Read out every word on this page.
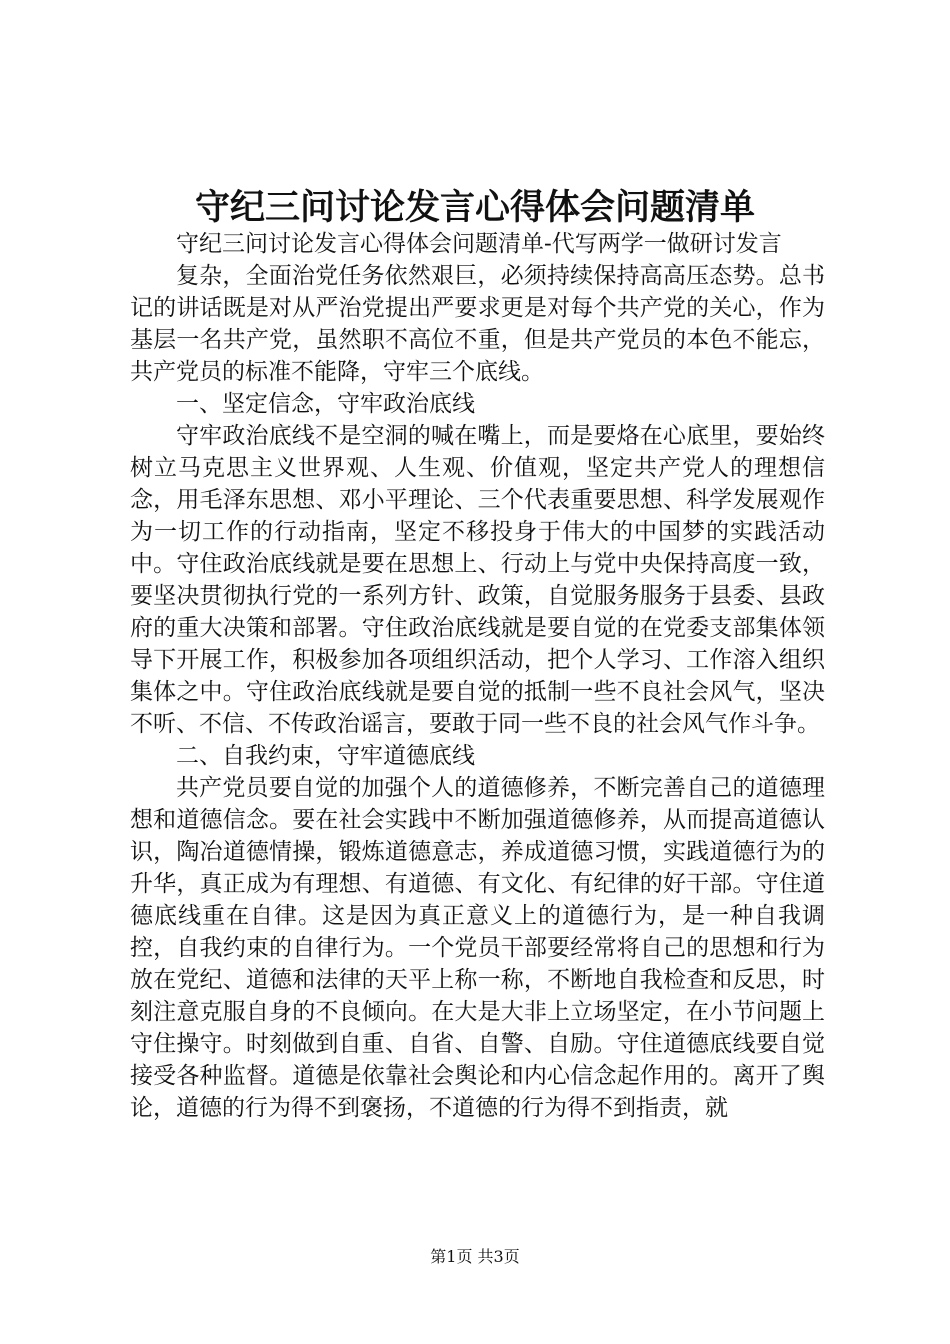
守纪三问讨论发言心得体会问题清单

守纪三问讨论发言心得体会问题清单-代写两学一做研讨发言

复杂，全面治党任务依然艰巨，必须持续保持高高压态势。总书记的讲话既是对从严治党提出严要求更是对每个共产党的关心，作为基层一名共产党，虽然职不高位不重，但是共产党员的本色不能忘，共产党员的标准不能降，守牢三个底线。

一、坚定信念，守牢政治底线

守牢政治底线不是空洞的喊在嘴上，而是要烙在心底里，要始终树立马克思主义世界观、人生观、价值观，坚定共产党人的理想信念，用毛泽东思想、邓小平理论、三个代表重要思想、科学发展观作为一切工作的行动指南，坚定不移投身于伟大的中国梦的实践活动中。守住政治底线就是要在思想上、行动上与党中央保持高度一致，要坚决贯彻执行党的一系列方针、政策，自觉服务服务于县委、县政府的重大决策和部署。守住政治底线就是要自觉的在党委支部集体领导下开展工作，积极参加各项组织活动，把个人学习、工作溶入组织集体之中。守住政治底线就是要自觉的抵制一些不良社会风气，坚决不听、不信、不传政治谣言，要敢于同一些不良的社会风气作斗争。

二、自我约束，守牢道德底线

共产党员要自觉的加强个人的道德修养，不断完善自己的道德理想和道德信念。要在社会实践中不断加强道德修养，从而提高道德认识，陶冶道德情操，锻炼道德意志，养成道德习惯，实践道德行为的升华，真正成为有理想、有道德、有文化、有纪律的好干部。守住道德底线重在自律。这是因为真正意义上的道德行为，是一种自我调控，自我约束的自律行为。一个党员干部要经常将自己的思想和行为放在党纪、道德和法律的天平上称一称，不断地自我检查和反思，时刻注意克服自身的不良倾向。在大是大非上立场坚定，在小节问题上守住操守。时刻做到自重、自省、自警、自励。守住道德底线要自觉接受各种监督。道德是依靠社会舆论和内心信念起作用的。离开了舆论，道德的行为得不到褒扬，不道德的行为得不到指责，就

第1页 共3页
